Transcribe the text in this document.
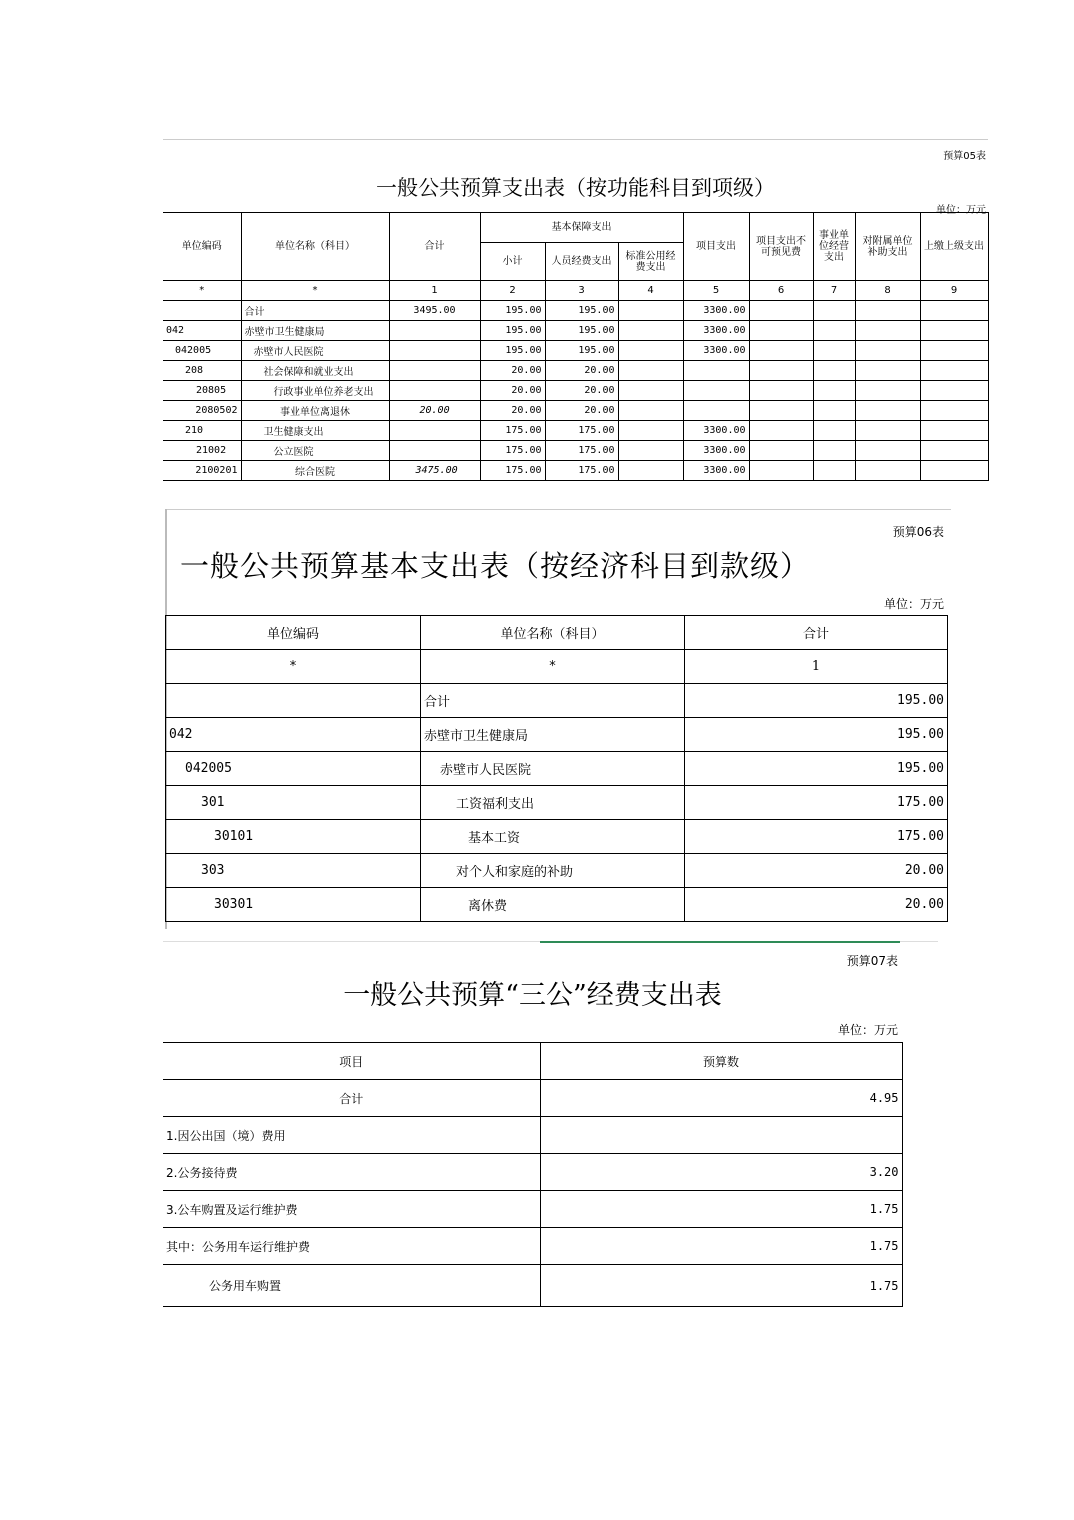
预算05表
一般公共预算支出表（按功能科目到项级）
单位：万元
单位编码	单位名称（科目）	合计	基本保障支出			项目支出	项目支出不可预见费	事业单位经营支出	对附属单位补助支出	上缴上级支出
			小计	人员经费支出	标准公用经费支出					
*	*	1	2	3	4	5	6	7	8	9
	合计	3495.00	195.00	195.00		3300.00				
042	赤壁市卫生健康局		195.00	195.00		3300.00				
042005	赤壁市人民医院		195.00	195.00		3300.00				
208	社会保障和就业支出		20.00	20.00						
20805	行政事业单位养老支出		20.00	20.00						
2080502	事业单位离退休	20.00	20.00	20.00						
210	卫生健康支出		175.00	175.00		3300.00				
21002	公立医院		175.00	175.00		3300.00				
2100201	综合医院	3475.00	175.00	175.00		3300.00				
预算06表
一般公共预算基本支出表（按经济科目到款级）
单位：万元
单位编码	单位名称（科目）	合计
*	*	1
	合计	195.00
042	赤壁市卫生健康局	195.00
042005	赤壁市人民医院	195.00
301	工资福利支出	175.00
30101	基本工资	175.00
303	对个人和家庭的补助	20.00
30301	离休费	20.00
预算07表
一般公共预算“三公”经费支出表
单位：万元
项目	预算数
合计	4.95
1.因公出国（境）费用	
2.公务接待费	3.20
3.公车购置及运行维护费	1.75
其中：公务用车运行维护费	1.75
公务用车购置	1.75
